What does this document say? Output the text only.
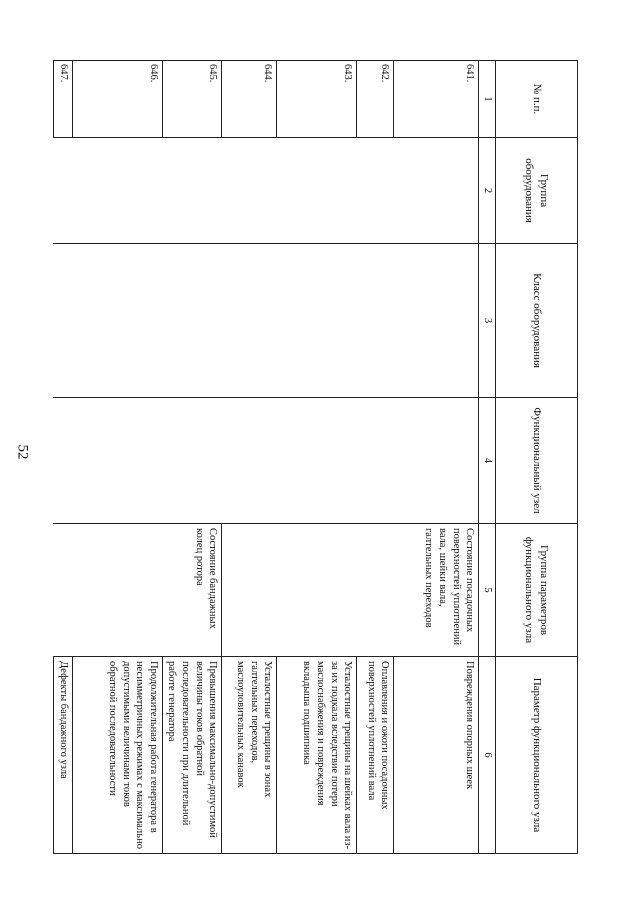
52
№ п.п.	Группа оборудования	Класс оборудования	Функциональный узел	Группа параметров функционального узла	Параметр функционального узла
1	2	3	4	5	6
641.				Состояние посадочных поверхностей уплотнений вала, шейки вала, галтельных переходов	Повреждения опорных шеек
642.					Оплавления и ожоги посадочных поверхностей уплотнений вала
643.					Усталостные трещины на шейках вала из-за их подкала вследствие потери маслоснабжения и повреждения вкладыша подшипника
644.					Усталостные трещины в зонах галтельных переходов, маслоуловительных канавок
645.				Состояние бандажных колец ротора	Превышения максимально-допустимой величины токов обратной последовательности при длительной работе генератора
646.					Продолжительная работа генератора в несимметричных режимах с максимально допустимыми величинами токов обратной последовательности
647.					Дефекты бандажного узла
